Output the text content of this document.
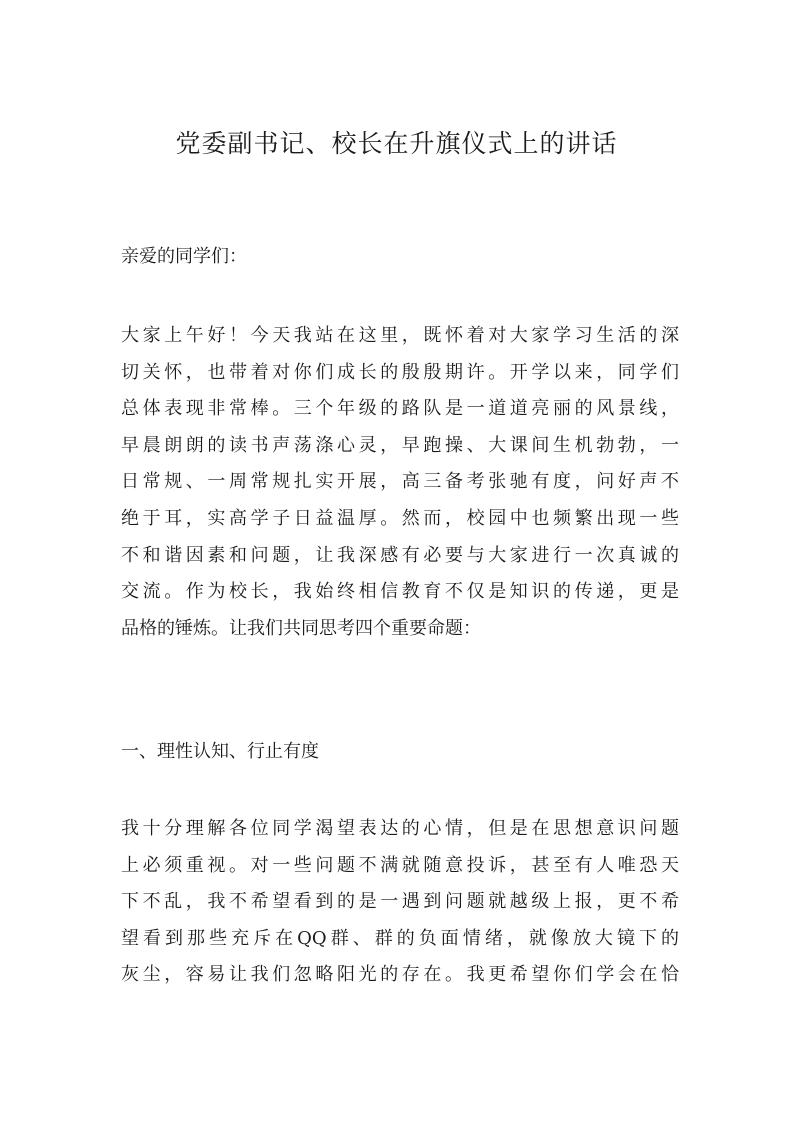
党委副书记、校长在升旗仪式上的讲话

亲爱的同学们：

大家上午好！今天我站在这里，既怀着对大家学习生活的深
切关怀，也带着对你们成长的殷殷期许。开学以来，同学们
总体表现非常棒。三个年级的路队是一道道亮丽的风景线，
早晨朗朗的读书声荡涤心灵，早跑操、大课间生机勃勃，一
日常规、一周常规扎实开展，高三备考张驰有度，问好声不
绝于耳，实高学子日益温厚。然而，校园中也频繁出现一些
不和谐因素和问题，让我深感有必要与大家进行一次真诚的
交流。作为校长，我始终相信教育不仅是知识的传递，更是
品格的锤炼。让我们共同思考四个重要命题：
一、理性认知、行止有度
我十分理解各位同学渴望表达的心情，但是在思想意识问题
上必须重视。对一些问题不满就随意投诉，甚至有人唯恐天
下不乱，我不希望看到的是一遇到问题就越级上报，更不希
望看到那些充斥在QQ群、群的负面情绪，就像放大镜下的
灰尘，容易让我们忽略阳光的存在。我更希望你们学会在恰
